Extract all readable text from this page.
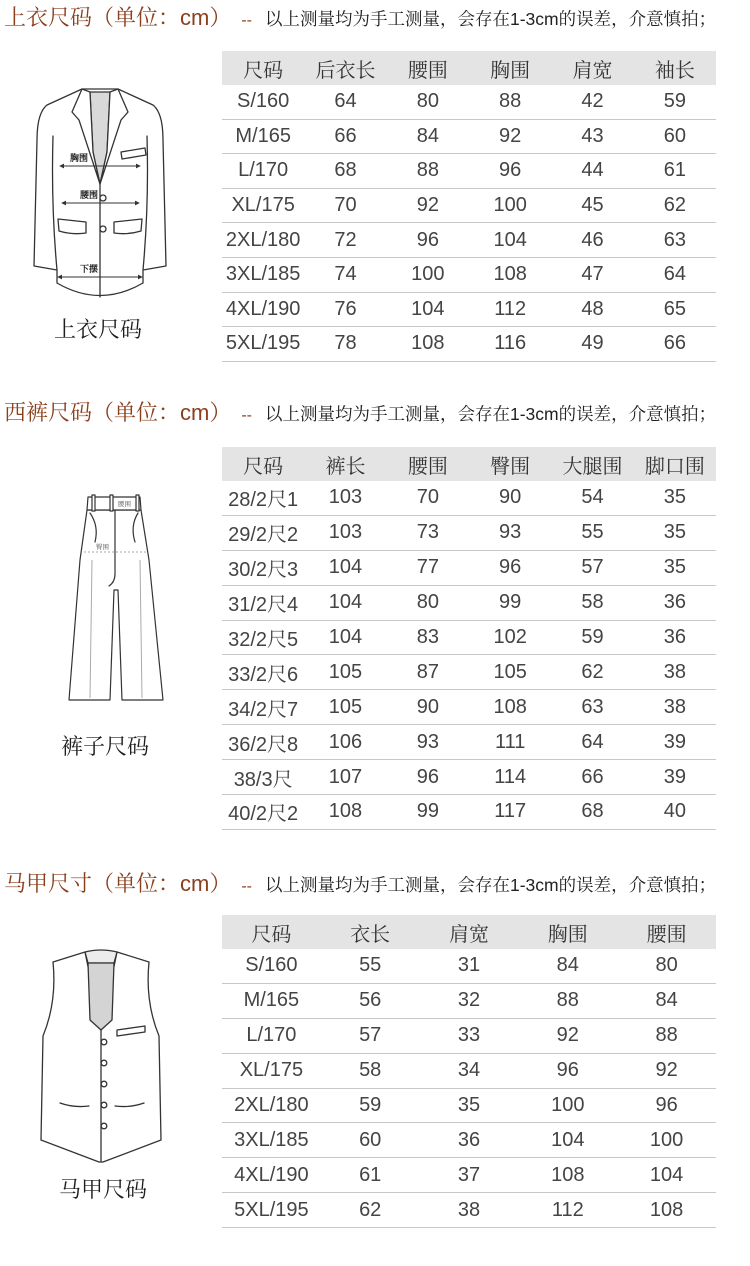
上衣尺码（单位：cm） -- 以上测量均为手工测量，会存在1-3cm的误差，介意慎拍；
胸围
腰围
下摆
上衣尺码
尺码	后衣长	腰围	胸围	肩宽	袖长
S/160	64	80	88	42	59
M/165	66	84	92	43	60
L/170	68	88	96	44	61
XL/175	70	92	100	45	62
2XL/180	72	96	104	46	63
3XL/185	74	100	108	47	64
4XL/190	76	104	112	48	65
5XL/195	78	108	116	49	66
西裤尺码（单位：cm） -- 以上测量均为手工测量，会存在1-3cm的误差，介意慎拍；
腰围
臀围
裤子尺码
尺码	裤长	腰围	臀围	大腿围	脚口围
28/2尺1	103	70	90	54	35
29/2尺2	103	73	93	55	35
30/2尺3	104	77	96	57	35
31/2尺4	104	80	99	58	36
32/2尺5	104	83	102	59	36
33/2尺6	105	87	105	62	38
34/2尺7	105	90	108	63	38
36/2尺8	106	93	111	64	39
38/3尺	107	96	114	66	39
40/2尺2	108	99	117	68	40
马甲尺寸（单位：cm） -- 以上测量均为手工测量，会存在1-3cm的误差，介意慎拍；
马甲尺码
尺码	衣长	肩宽	胸围	腰围
S/160	55	31	84	80
M/165	56	32	88	84
L/170	57	33	92	88
XL/175	58	34	96	92
2XL/180	59	35	100	96
3XL/185	60	36	104	100
4XL/190	61	37	108	104
5XL/195	62	38	112	108
